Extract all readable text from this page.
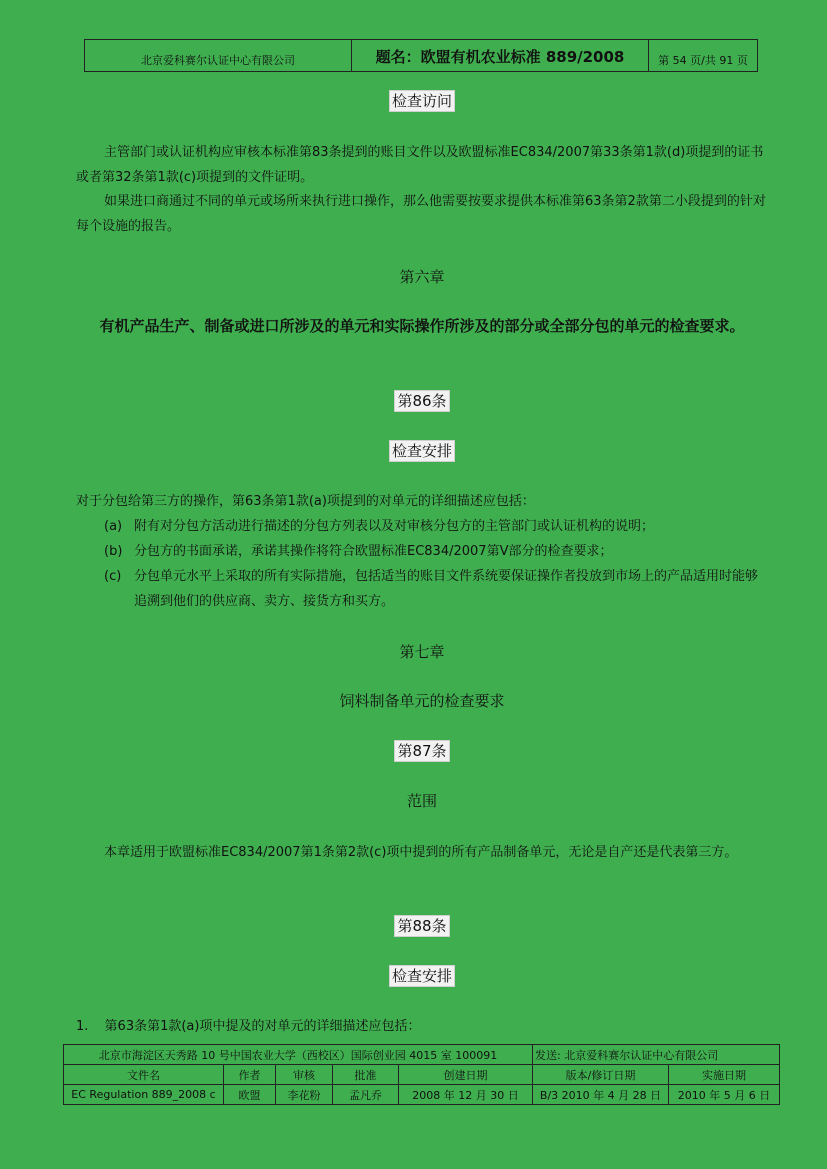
北京爱科赛尔认证中心有限公司	题名：欧盟有机农业标准 889/2008	第 54 页/共 91 页
检查访问
主管部门或认证机构应审核本标准第83条提到的账目文件以及欧盟标准EC834/2007第33条第1款(d)项提到的证书或者第32条第1款(c)项提到的文件证明。
如果进口商通过不同的单元或场所来执行进口操作，那么他需要按要求提供本标准第63条第2款第二小段提到的针对每个设施的报告。
第六章
有机产品生产、制备或进口所涉及的单元和实际操作所涉及的部分或全部分包的单元的检查要求。
第86条
检查安排
对于分包给第三方的操作，第63条第1款(a)项提到的对单元的详细描述应包括：
(a) 附有对分包方活动进行描述的分包方列表以及对审核分包方的主管部门或认证机构的说明；
(b) 分包方的书面承诺，承诺其操作将符合欧盟标准EC834/2007第Ⅴ部分的检查要求；
(c) 分包单元水平上采取的所有实际措施，包括适当的账目文件系统要保证操作者投放到市场上的产品适用时能够追溯到他们的供应商、卖方、接货方和买方。
第七章
饲料制备单元的检查要求
第87条
范围
本章适用于欧盟标准EC834/2007第1条第2款(c)项中提到的所有产品制备单元，无论是自产还是代表第三方。
第88条
检查安排
1. 第63条第1款(a)项中提及的对单元的详细描述应包括：
北京市海淀区天秀路 10 号中国农业大学（西校区）国际创业园 4015 室 100091					发送: 北京爱科赛尔认证中心有限公司	
文件名	作者	审核	批准	创建日期	版本/修订日期	实施日期
EC Regulation 889_2008 c	欧盟	李花粉	孟凡乔	2008 年 12 月 30 日	B/3 2010 年 4 月 28 日	2010 年 5 月 6 日
